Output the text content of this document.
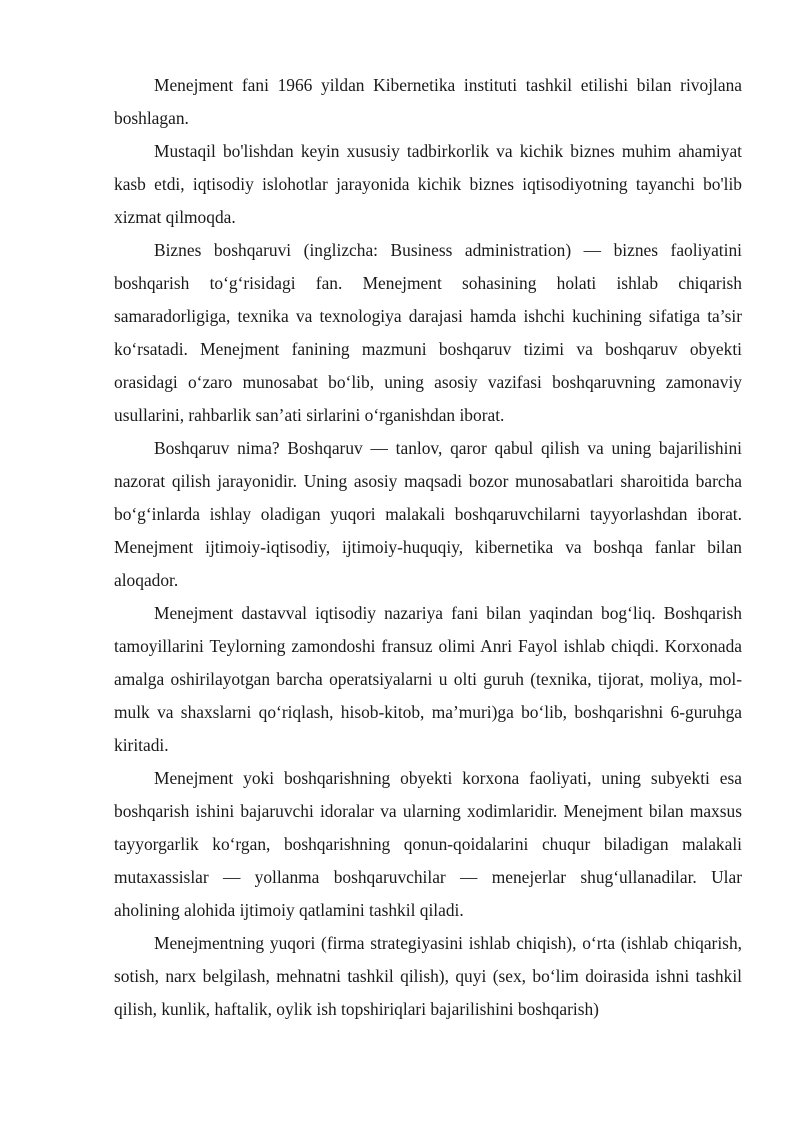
Menejment fani 1966 yildan Kibernetika instituti tashkil etilishi bilan rivojlana boshlagan.

Mustaqil bo'lishdan keyin xususiy tadbirkorlik va kichik biznes muhim ahamiyat kasb etdi, iqtisodiy islohotlar jarayonida kichik biznes iqtisodiyotning tayanchi bo'lib xizmat qilmoqda.

Biznes boshqaruvi (inglizcha: Business administration) — biznes faoliyatini boshqarish to‘g‘risidagi fan. Menejment sohasining holati ishlab chiqarish samaradorligiga, texnika va texnologiya darajasi hamda ishchi kuchining sifatiga ta’sir ko‘rsatadi. Menejment fanining mazmuni boshqaruv tizimi va boshqaruv obyekti orasidagi o‘zaro munosabat bo‘lib, uning asosiy vazifasi boshqaruvning zamonaviy usullarini, rahbarlik san’ati sirlarini o‘rganishdan iborat.

Boshqaruv nima? Boshqaruv — tanlov, qaror qabul qilish va uning bajarilishini nazorat qilish jarayonidir. Uning asosiy maqsadi bozor munosabatlari sharoitida barcha bo‘g‘inlarda ishlay oladigan yuqori malakali boshqaruvchilarni tayyorlashdan iborat. Menejment ijtimoiy-iqtisodiy, ijtimoiy-huquqiy, kibernetika va boshqa fanlar bilan aloqador.

Menejment dastavval iqtisodiy nazariya fani bilan yaqindan bog‘liq. Boshqarish tamoyillarini Teylorning zamondoshi fransuz olimi Anri Fayol ishlab chiqdi. Korxonada amalga oshirilayotgan barcha operatsiyalarni u olti guruh (texnika, tijorat, moliya, mol-mulk va shaxslarni qo‘riqlash, hisob-kitob, ma’muri)ga bo‘lib, boshqarishni 6-guruhga kiritadi.

Menejment yoki boshqarishning obyekti korxona faoliyati, uning subyekti esa boshqarish ishini bajaruvchi idoralar va ularning xodimlaridir. Menejment bilan maxsus tayyorgarlik ko‘rgan, boshqarishning qonun-qoidalarini chuqur biladigan malakali mutaxassislar — yollanma boshqaruvchilar — menejerlar shug‘ullanadilar. Ular aholining alohida ijtimoiy qatlamini tashkil qiladi.

Menejmentning yuqori (firma strategiyasini ishlab chiqish), o‘rta (ishlab chiqarish, sotish, narx belgilash, mehnatni tashkil qilish), quyi (sex, bo‘lim doirasida ishni tashkil qilish, kunlik, haftalik, oylik ish topshiriqlari bajarilishini boshqarish)
